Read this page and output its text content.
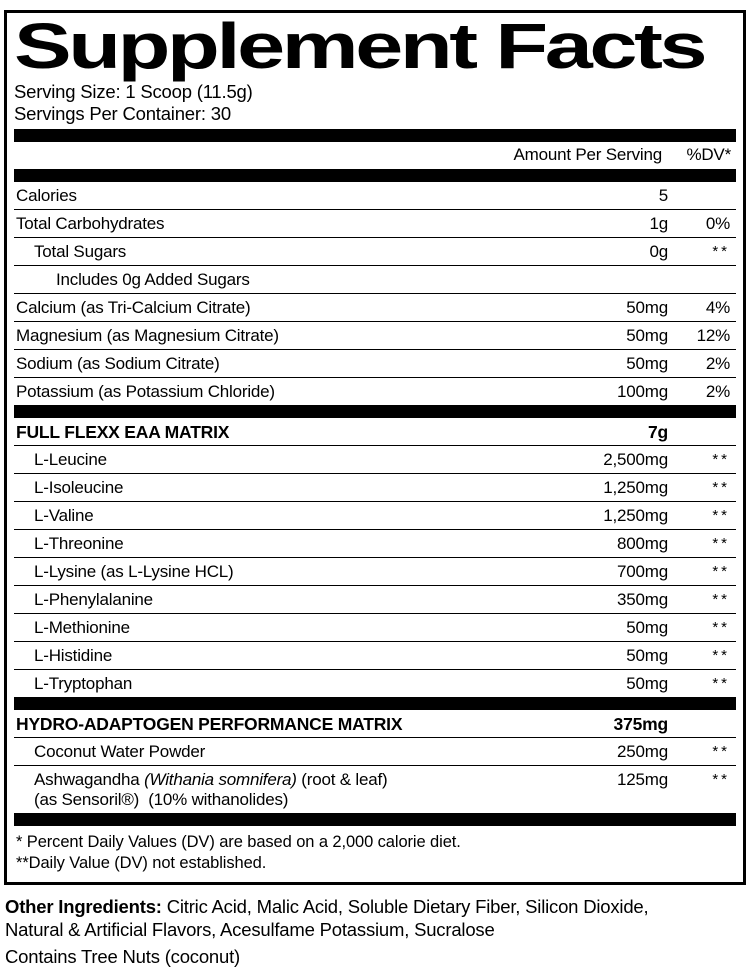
Supplement Facts
Serving Size: 1 Scoop (11.5g)
Servings Per Container: 30
Amount Per Serving %DV*
Calories	5
Total Carbohydrates	1g	0%
Total Sugars	0g	**
Includes 0g Added Sugars
Calcium (as Tri-Calcium Citrate)	50mg	4%
Magnesium (as Magnesium Citrate)	50mg	12%
Sodium (as Sodium Citrate)	50mg	2%
Potassium (as Potassium Chloride)	100mg	2%
FULL FLEXX EAA MATRIX	7g
L-Leucine	2,500mg	**
L-Isoleucine	1,250mg	**
L-Valine	1,250mg	**
L-Threonine	800mg	**
L-Lysine (as L-Lysine HCL)	700mg	**
L-Phenylalanine	350mg	**
L-Methionine	50mg	**
L-Histidine	50mg	**
L-Tryptophan	50mg	**
HYDRO-ADAPTOGEN PERFORMANCE MATRIX	375mg
Coconut Water Powder	250mg	**
Ashwagandha (Withania somnifera) (root & leaf)
(as Sensoril®)  (10% withanolides)
125mg	**
* Percent Daily Values (DV) are based on a 2,000 calorie diet.
**Daily Value (DV) not established.

Other Ingredients: Citric Acid, Malic Acid, Soluble Dietary Fiber, Silicon Dioxide,
Natural & Artificial Flavors, Acesulfame Potassium, Sucralose

Contains Tree Nuts (coconut)
